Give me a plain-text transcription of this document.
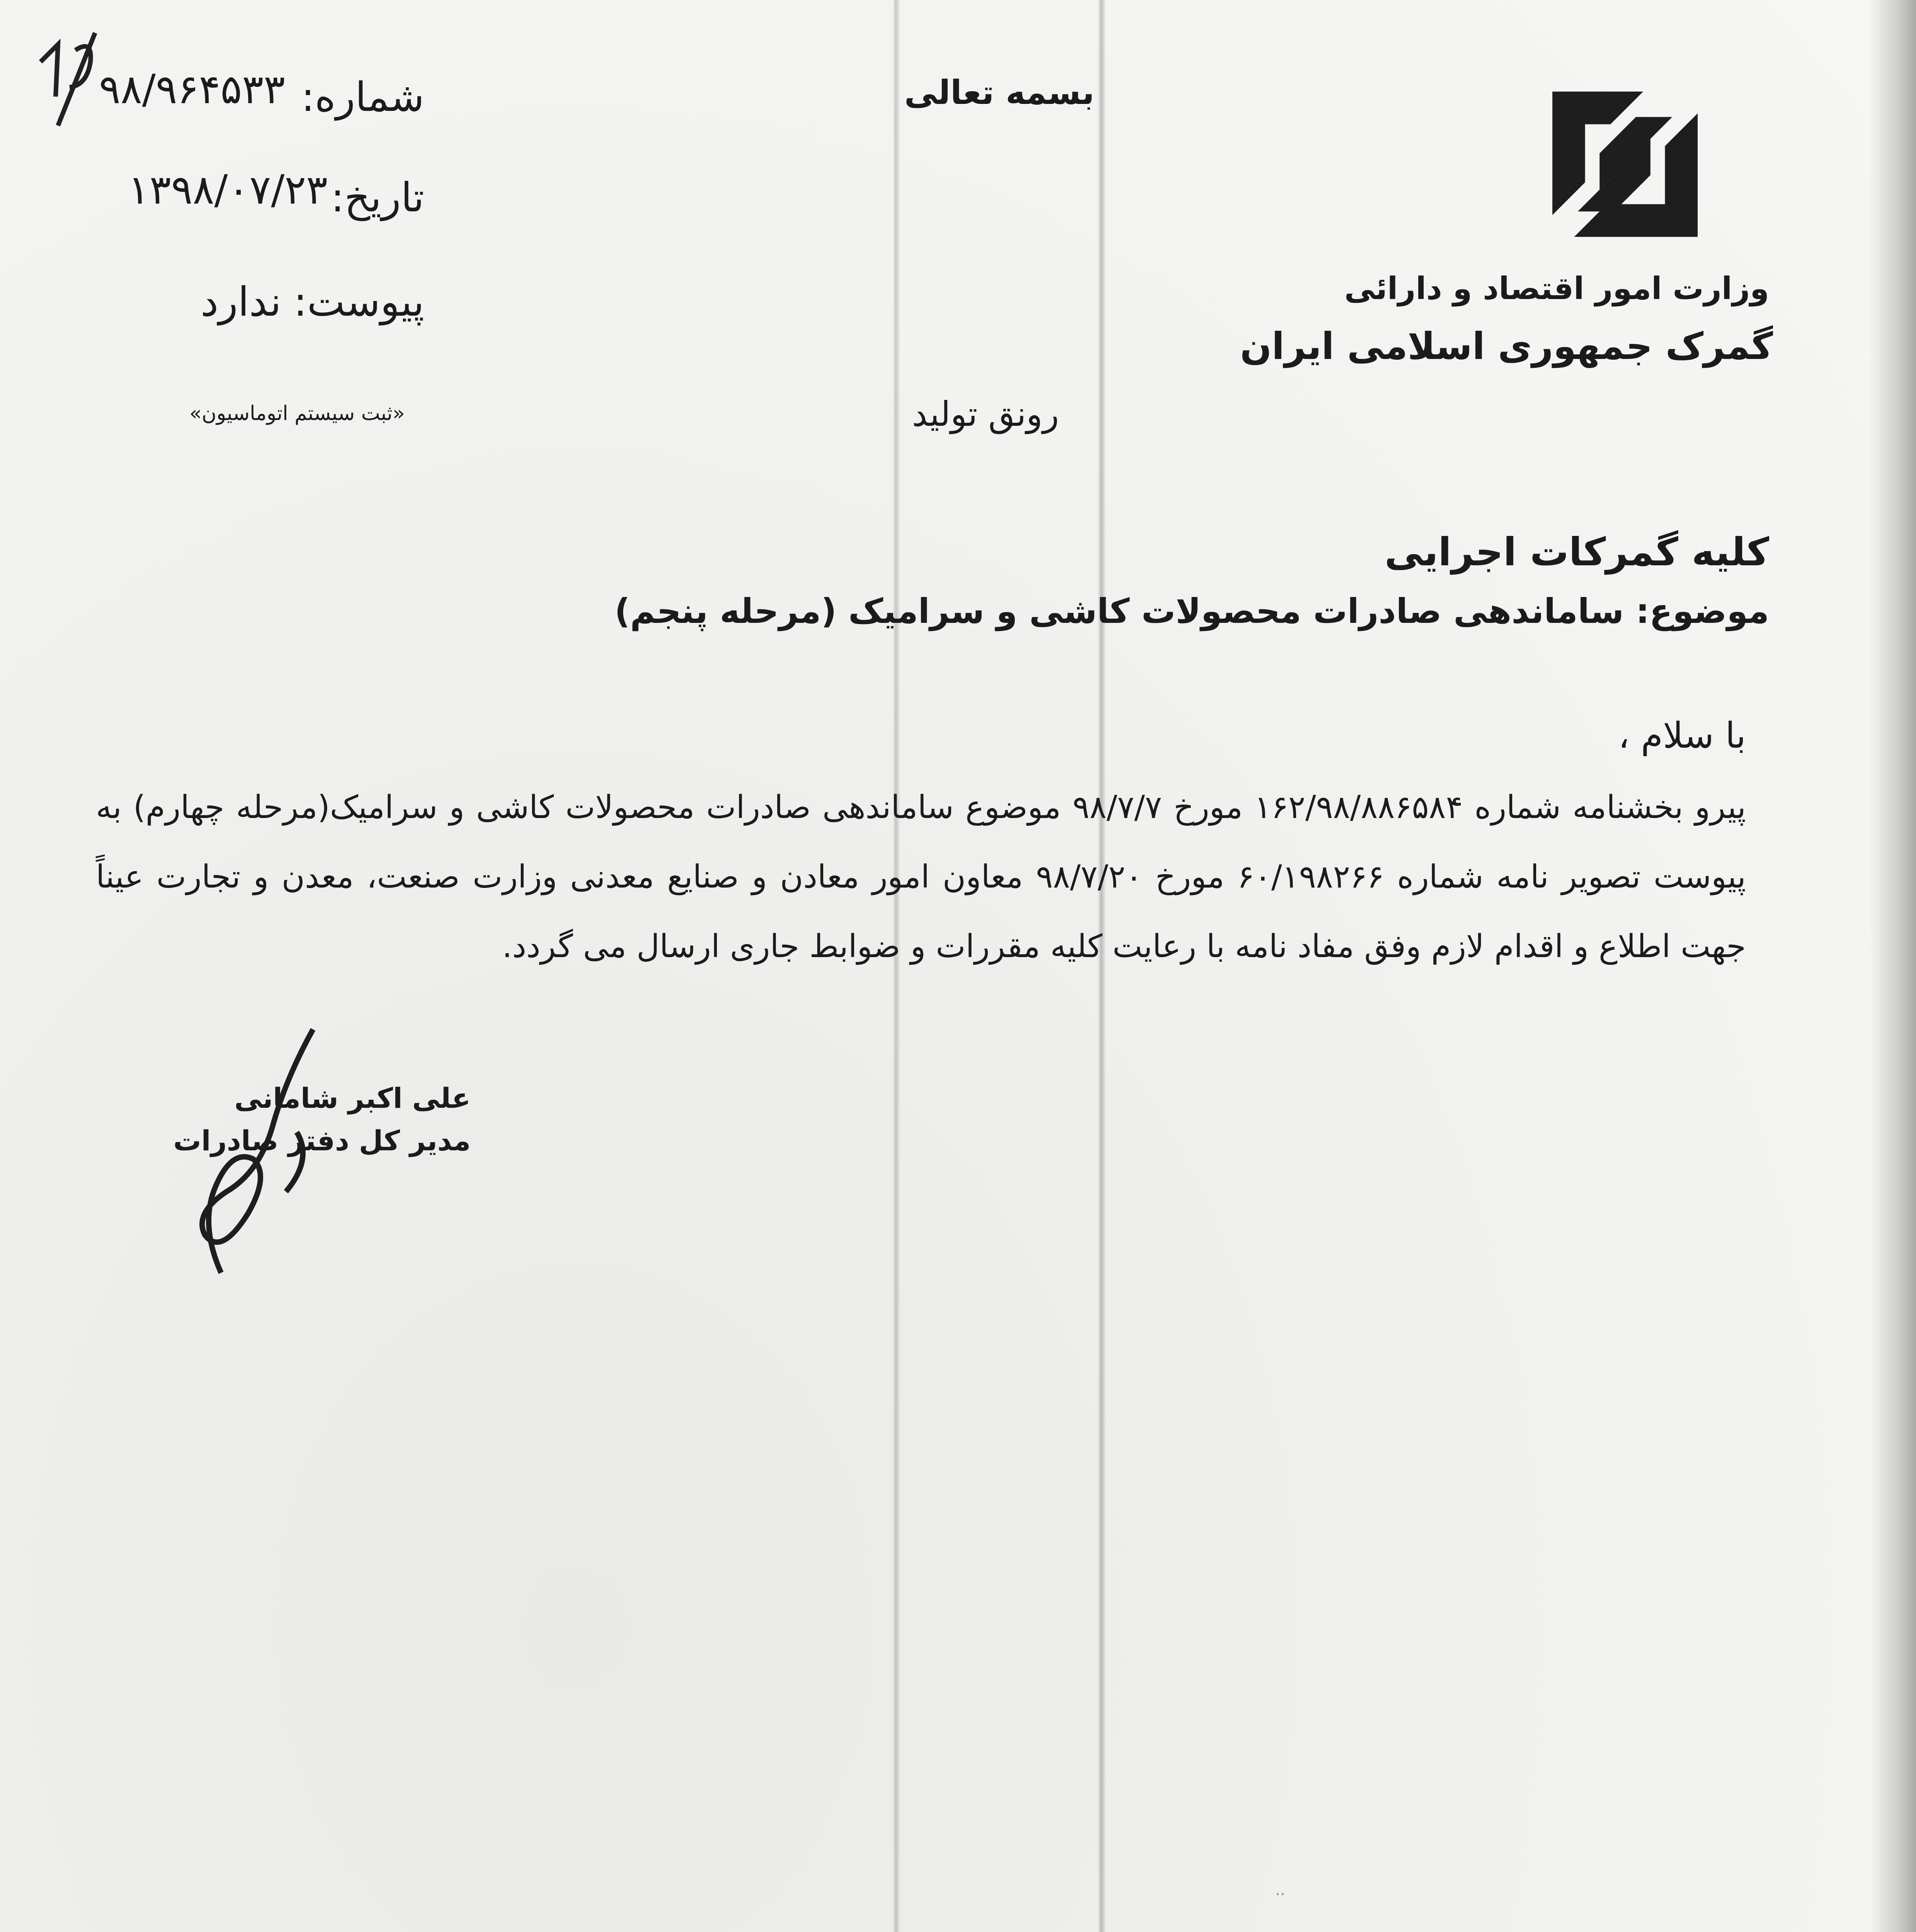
وزارت امور اقتصاد و دارائی
گمرک جمهوری اسلامی ایران
بسمه تعالی
رونق تولید
شماره:
۹۸/۹۶۴۵۳۳
تاریخ:
۱۳۹۸/۰۷/۲۳
پیوست:
ندارد
«ثبت سیستم اتوماسیون»
کلیه گمرکات اجرایی
موضوع: ساماندهی صادرات محصولات کاشی و سرامیک (مرحله پنجم)
با سلام ،
پیرو بخشنامه شماره ۱۶۲/۹۸/۸۸۶۵۸۴ مورخ ۹۸/۷/۷ موضوع ساماندهی صادرات محصولات کاشی و سرامیک(مرحله چهارم) به پیوست تصویر نامه شماره ۶۰/۱۹۸۲۶۶ مورخ ۹۸/۷/۲۰ معاون امور معادن و صنایع معدنی وزارت صنعت، معدن و تجارت عیناً جهت اطلاع و اقدام لازم وفق مفاد نامه با رعایت کلیه مقررات و ضوابط جاری ارسال می گردد.
علی اکبر شامانی
مدیر کل دفتر صادرات
··
